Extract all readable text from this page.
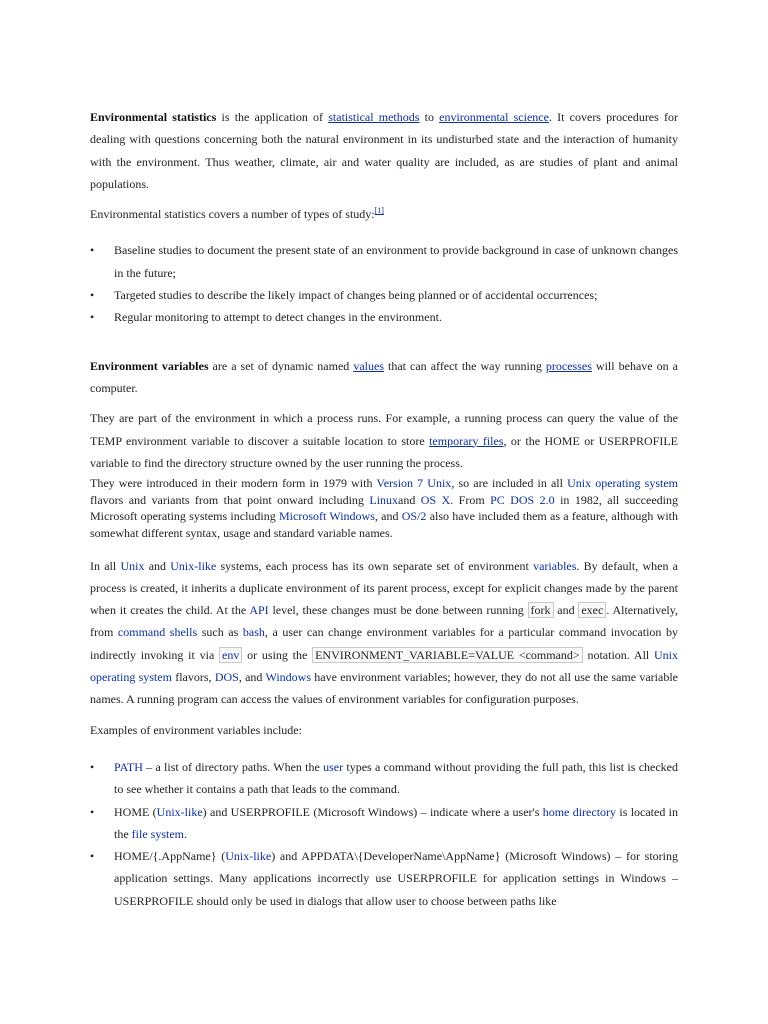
Environmental statistics is the application of statistical methods to environmental science. It covers procedures for dealing with questions concerning both the natural environment in its undisturbed state and the interaction of humanity with the environment. Thus weather, climate, air and water quality are included, as are studies of plant and animal populations.

Environmental statistics covers a number of types of study:[1]

• Baseline studies to document the present state of an environment to provide background in case of unknown changes in the future;
• Targeted studies to describe the likely impact of changes being planned or of accidental occurrences;
• Regular monitoring to attempt to detect changes in the environment.

Environment variables are a set of dynamic named values that can affect the way running processes will behave on a computer.

They are part of the environment in which a process runs. For example, a running process can query the value of the TEMP environment variable to discover a suitable location to store temporary files, or the HOME or USERPROFILE variable to find the directory structure owned by the user running the process.

They were introduced in their modern form in 1979 with Version 7 Unix, so are included in all Unix operating system flavors and variants from that point onward including Linuxand OS X. From PC DOS 2.0 in 1982, all succeeding Microsoft operating systems including Microsoft Windows, and OS/2 also have included them as a feature, although with somewhat different syntax, usage and standard variable names.

In all Unix and Unix-like systems, each process has its own separate set of environment variables. By default, when a process is created, it inherits a duplicate environment of its parent process, except for explicit changes made by the parent when it creates the child. At the API level, these changes must be done between running fork and exec . Alternatively, from command shells such as bash, a user can change environment variables for a particular command invocation by indirectly invoking it via env or using the ENVIRONMENT_VARIABLE=VALUE <command> notation. All Unix operating system flavors, DOS, and Windows have environment variables; however, they do not all use the same variable names. A running program can access the values of environment variables for configuration purposes.

Examples of environment variables include:

• PATH – a list of directory paths. When the user types a command without providing the full path, this list is checked to see whether it contains a path that leads to the command.
• HOME (Unix-like) and USERPROFILE (Microsoft Windows) – indicate where a user's home directory is located in the file system.
• HOME/{.AppName} (Unix-like) and APPDATA\{DeveloperName\AppName} (Microsoft Windows) – for storing application settings. Many applications incorrectly use USERPROFILE for application settings in Windows – USERPROFILE should only be used in dialogs that allow user to choose between paths like
